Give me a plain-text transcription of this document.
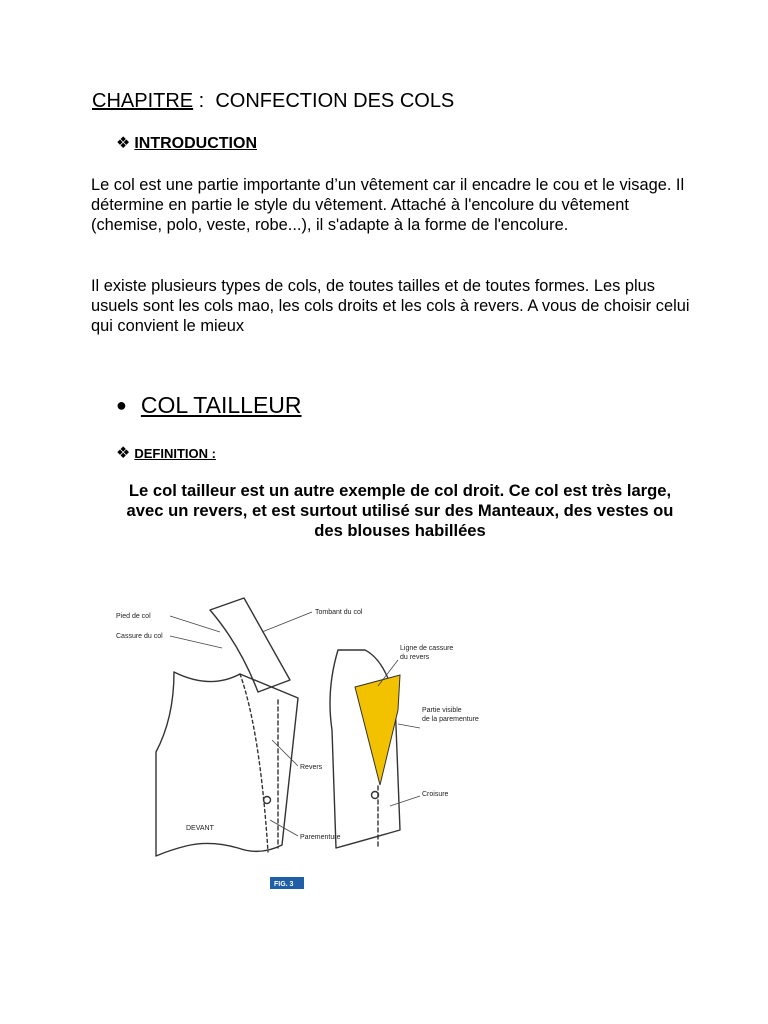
CHAPITRE :  CONFECTION DES COLS
❖ INTRODUCTION
Le col est une partie importante d’un vêtement car il encadre le cou et le visage. Il détermine en partie le style du vêtement. Attaché à l'encolure du vêtement (chemise, polo, veste, robe...), il s'adapte à la forme de l'encolure.
Il existe plusieurs types de cols, de toutes tailles et de toutes formes. Les plus usuels sont les cols mao, les cols droits et les cols à revers. A vous de choisir celui qui convient le mieux
● COL TAILLEUR
❖ DEFINITION :
Le col tailleur est un autre exemple de col droit. Ce col est très large, avec un revers, et est surtout utilisé sur des Manteaux, des vestes ou des blouses habillées
Pied de col
Cassure du col
Tombant du col
Revers
DEVANT
Parementure
Ligne de cassure
du revers
Partie visible
de la parementure
Croisure
FIG. 3
